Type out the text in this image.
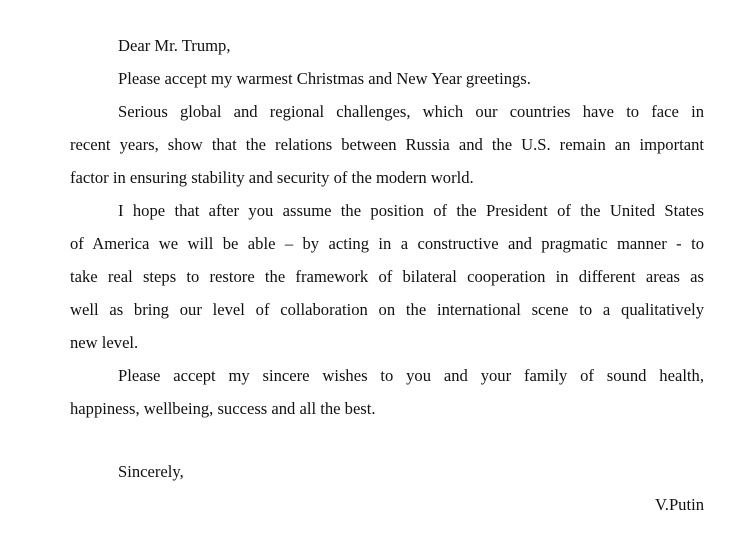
Dear Mr. Trump,
Please accept my warmest Christmas and New Year greetings.
Serious global and regional challenges, which our countries have to face in
recent years, show that the relations between Russia and the U.S. remain an important
factor in ensuring stability and security of the modern world.
I hope that after you assume the position of the President of the United States
of America we will be able – by acting in a constructive and pragmatic manner - to
take real steps to restore the framework of bilateral cooperation in different areas as
well as bring our level of collaboration on the international scene to a qualitatively
new level.
Please accept my sincere wishes to you and your family of sound health,
happiness, wellbeing, success and all the best.
Sincerely,
V.Putin
